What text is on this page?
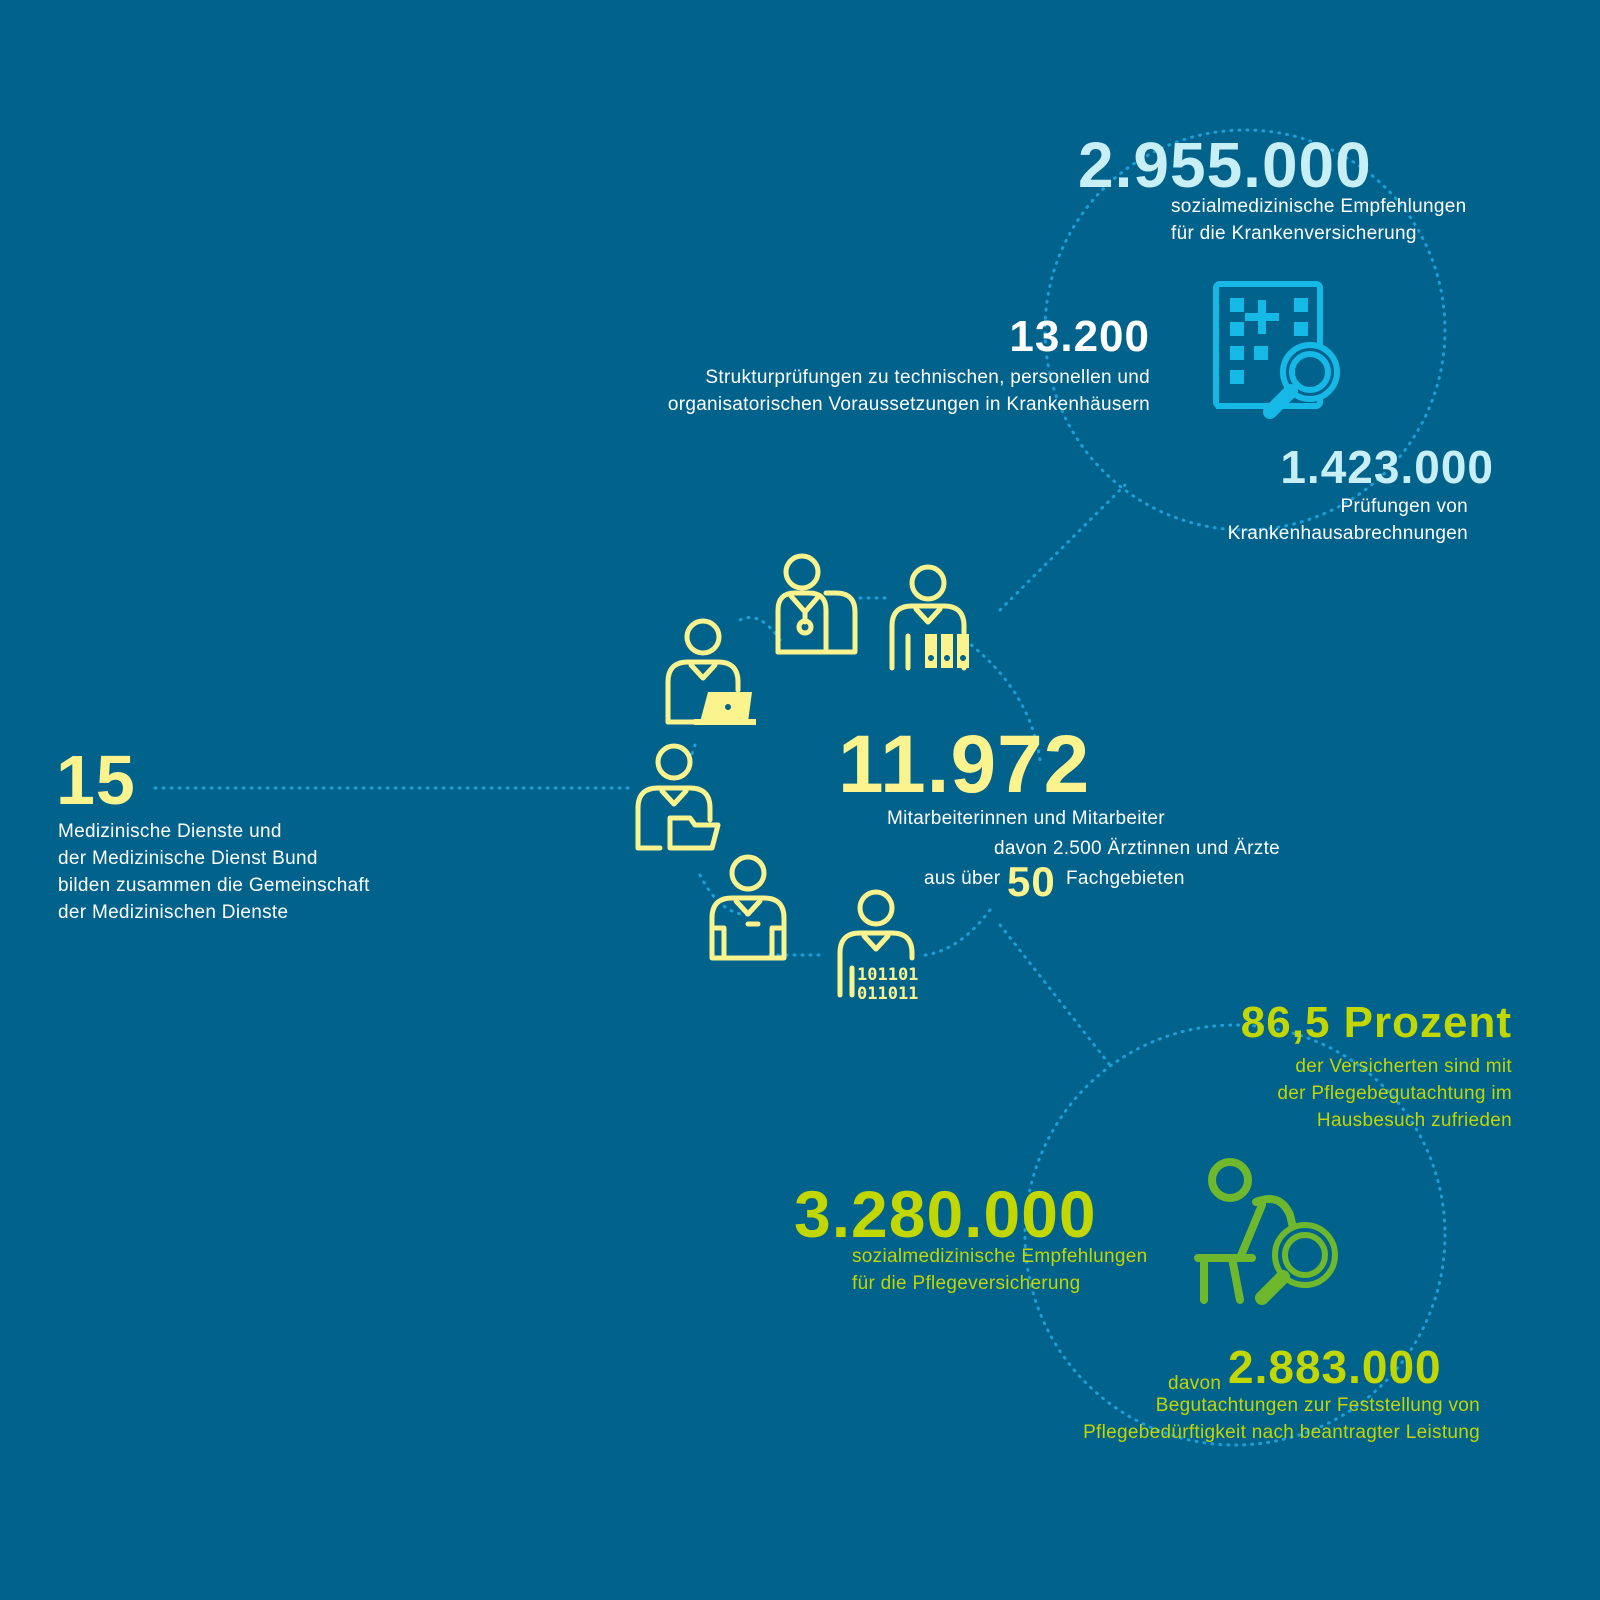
2.955.000
sozialmedizinische Empfehlungen
für die Krankenversicherung
13.200
Strukturprüfungen zu technischen, personellen und
organisatorischen Voraussetzungen in Krankenhäusern
1.423.000
Prüfungen von
Krankenhausabrechnungen
101101
011011
11.972
Mitarbeiterinnen und Mitarbeiter
davon 2.500 Ärztinnen und Ärzte
aus über 50 Fachgebieten
15
Medizinische Dienste und
der Medizinische Dienst Bund
bilden zusammen die Gemeinschaft
der Medizinischen Dienste
86,5 Prozent
der Versicherten sind mit
der Pflegebegutachtung im
Hausbesuch zufrieden
3.280.000
sozialmedizinische Empfehlungen
für die Pflegeversicherung
davon 2.883.000
Begutachtungen zur Feststellung von
Pflegebedürftigkeit nach beantragter Leistung
